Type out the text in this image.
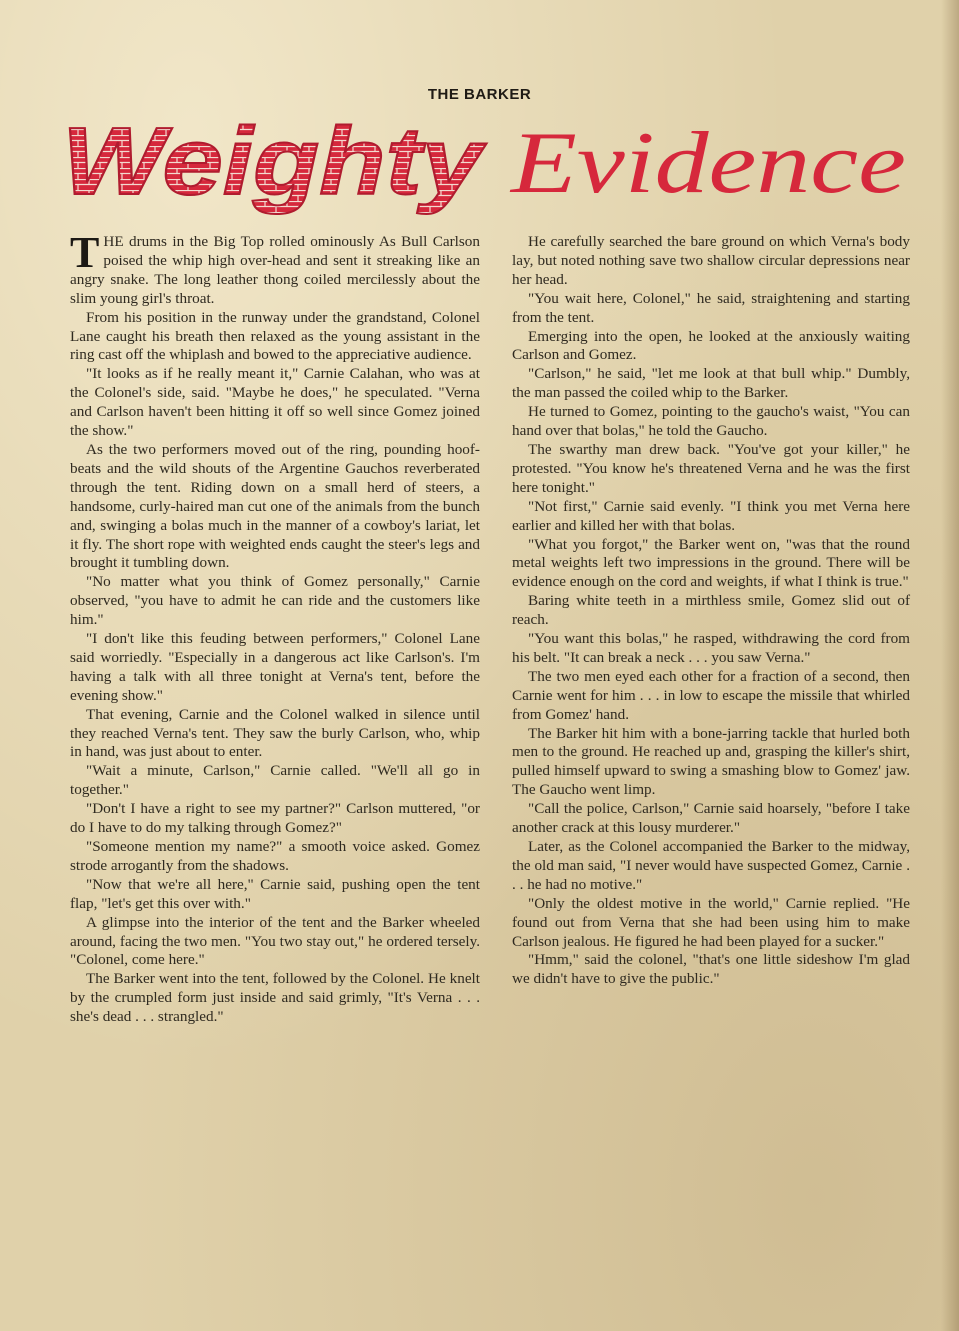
THE BARKER
Weighty Evidence

THE drums in the Big Top rolled ominously As Bull Carlson poised the whip high over-head and sent it streaking like an angry snake. The long leather thong coiled mercilessly about the slim young girl's throat.

From his position in the runway under the grandstand, Colonel Lane caught his breath then relaxed as the young assistant in the ring cast off the whiplash and bowed to the appreciative audience.

"It looks as if he really meant it," Carnie Calahan, who was at the Colonel's side, said. "Maybe he does," he speculated. "Verna and Carlson haven't been hitting it off so well since Gomez joined the show."

As the two performers moved out of the ring, pounding hoof-beats and the wild shouts of the Argentine Gauchos reverberated through the tent. Riding down on a small herd of steers, a handsome, curly-haired man cut one of the animals from the bunch and, swinging a bolas much in the manner of a cowboy's lariat, let it fly. The short rope with weighted ends caught the steer's legs and brought it tumbling down.

"No matter what you think of Gomez personally," Carnie observed, "you have to admit he can ride and the customers like him."

"I don't like this feuding between performers," Colonel Lane said worriedly. "Especially in a dangerous act like Carlson's. I'm having a talk with all three tonight at Verna's tent, before the evening show."

That evening, Carnie and the Colonel walked in silence until they reached Verna's tent. They saw the burly Carlson, who, whip in hand, was just about to enter.

"Wait a minute, Carlson," Carnie called. "We'll all go in together."

"Don't I have a right to see my partner?" Carlson muttered, "or do I have to do my talking through Gomez?"

"Someone mention my name?" a smooth voice asked. Gomez strode arrogantly from the shadows.

"Now that we're all here," Carnie said, pushing open the tent flap, "let's get this over with."

A glimpse into the interior of the tent and the Barker wheeled around, facing the two men. "You two stay out," he ordered tersely. "Colonel, come here."

The Barker went into the tent, followed by the Colonel. He knelt by the crumpled form just inside and said grimly, "It's Verna . . . she's dead . . . strangled."

He carefully searched the bare ground on which Verna's body lay, but noted nothing save two shallow circular depressions near her head.

"You wait here, Colonel," he said, straightening and starting from the tent.

Emerging into the open, he looked at the anxiously waiting Carlson and Gomez.

"Carlson," he said, "let me look at that bull whip." Dumbly, the man passed the coiled whip to the Barker.

He turned to Gomez, pointing to the gaucho's waist, "You can hand over that bolas," he told the Gaucho.

The swarthy man drew back. "You've got your killer," he protested. "You know he's threatened Verna and he was the first here tonight."

"Not first," Carnie said evenly. "I think you met Verna here earlier and killed her with that bolas.

"What you forgot," the Barker went on, "was that the round metal weights left two impressions in the ground. There will be evidence enough on the cord and weights, if what I think is true."

Baring white teeth in a mirthless smile, Gomez slid out of reach.

"You want this bolas," he rasped, withdrawing the cord from his belt. "It can break a neck . . . you saw Verna."

The two men eyed each other for a fraction of a second, then Carnie went for him . . . in low to escape the missile that whirled from Gomez' hand.

The Barker hit him with a bone-jarring tackle that hurled both men to the ground. He reached up and, grasping the killer's shirt, pulled himself upward to swing a smashing blow to Gomez' jaw. The Gaucho went limp.

"Call the police, Carlson," Carnie said hoarsely, "before I take another crack at this lousy murderer."

Later, as the Colonel accompanied the Barker to the midway, the old man said, "I never would have suspected Gomez, Carnie . . . he had no motive."

"Only the oldest motive in the world," Carnie replied. "He found out from Verna that she had been using him to make Carlson jealous. He figured he had been played for a sucker."

"Hmm," said the colonel, "that's one little sideshow I'm glad we didn't have to give the public."
